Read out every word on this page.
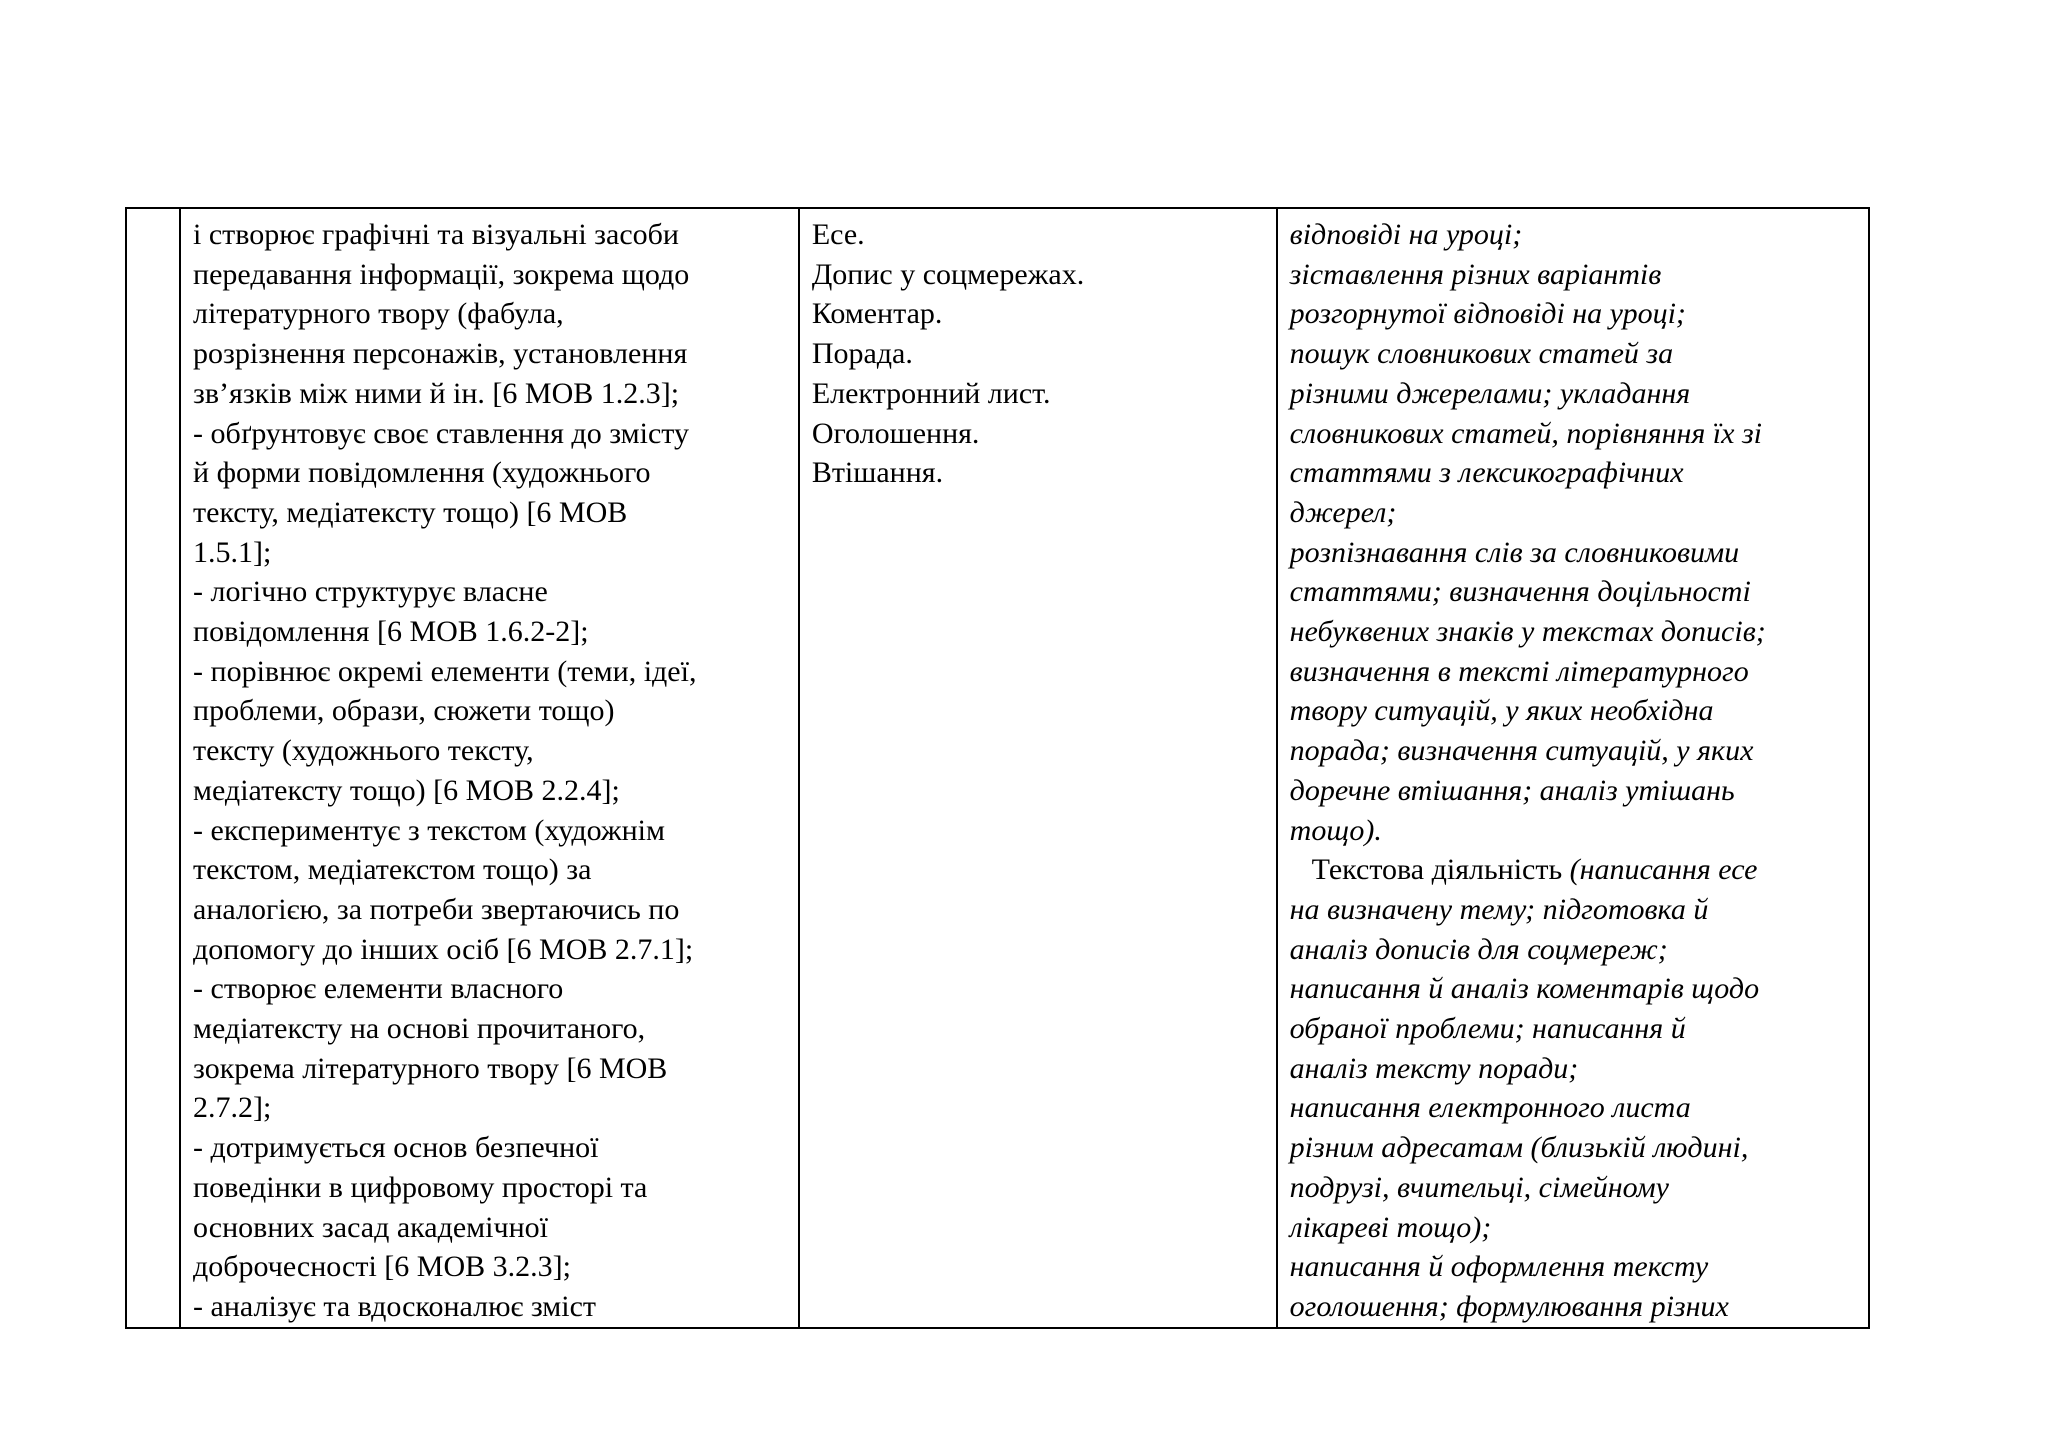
і створює графічні та візуальні засоби
передавання інформації, зокрема щодо
літературного твору (фабула,
розрізнення персонажів, установлення
зв’язків між ними й ін. [6 МОВ 1.2.3];
- обґрунтовує своє ставлення до змісту
й форми повідомлення (художнього
тексту, медіатексту тощо) [6 МОВ
1.5.1];
- логічно структурує власне
повідомлення [6 МОВ 1.6.2-2];
- порівнює окремі елементи (теми, ідеї,
проблеми, образи, сюжети тощо)
тексту (художнього тексту,
медіатексту тощо) [6 МОВ 2.2.4];
- експериментує з текстом (художнім
текстом, медіатекстом тощо) за
аналогією, за потреби звертаючись по
допомогу до інших осіб [6 МОВ 2.7.1];
- створює елементи власного
медіатексту на основі прочитаного,
зокрема літературного твору [6 МОВ
2.7.2];
- дотримується основ безпечної
поведінки в цифровому просторі та
основних засад академічної
доброчесності [6 МОВ 3.2.3];
- аналізує та вдосконалює зміст

Есе.
Допис у соцмережах.
Коментар.
Порада.
Електронний лист.
Оголошення.
Втішання.

відповіді на уроці;
зіставлення різних варіантів
розгорнутої відповіді на уроці;
пошук словникових статей за
різними джерелами; укладання
словникових статей, порівняння їх зі
статтями з лексикографічних
джерел;
розпізнавання слів за словниковими
статтями; визначення доцільності
небуквених знаків у текстах дописів;
визначення в тексті літературного
твору ситуацій, у яких необхідна
порада; визначення ситуацій, у яких
доречне втішання; аналіз утішань
тощо).
Текстова діяльність (написання есе
на визначену тему; підготовка й
аналіз дописів для соцмереж;
написання й аналіз коментарів щодо
обраної проблеми; написання й
аналіз тексту поради;
написання електронного листа
різним адресатам (близькій людині,
подрузі, вчительці, сімейному
лікареві тощо);
написання й оформлення тексту
оголошення; формулювання різних
